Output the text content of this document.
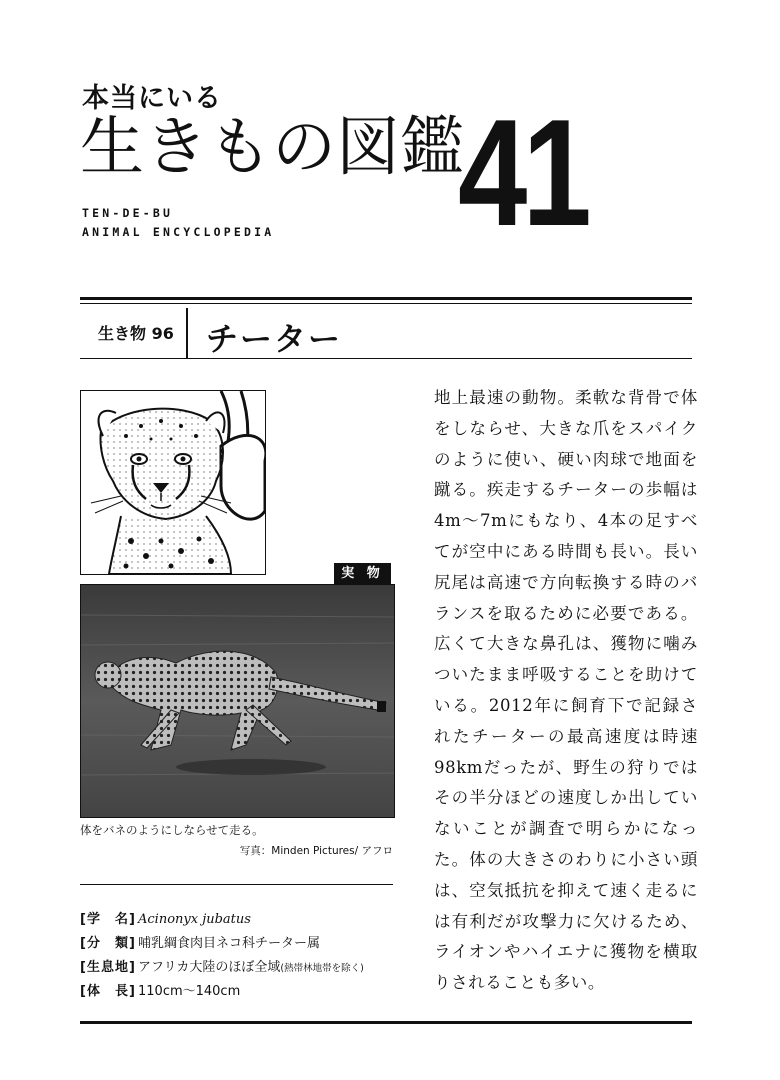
本当にいる
生きもの図鑑
41
TEN-DE-BU
ANIMAL ENCYCLOPEDIA
生き物 96 チーター
実 物
体をバネのようにしならせて走る。
写真：Minden Pictures/ アフロ
[学　名] Acinonyx jubatus
[分　類] 哺乳綱食肉目ネコ科チーター属
[生息地] アフリカ大陸のほぼ全域(熱帯林地帯を除く)
[体　長] 110cm〜140cm
地上最速の動物。柔軟な背骨で体をしならせ、大きな爪をスパイクのように使い、硬い肉球で地面を蹴る。疾走するチーターの歩幅は4m〜7mにもなり、4本の足すべてが空中にある時間も長い。長い尻尾は高速で方向転換する時のバランスを取るために必要である。広くて大きな鼻孔は、獲物に噛みついたまま呼吸することを助けている。2012年に飼育下で記録されたチーターの最高速度は時速98kmだったが、野生の狩りではその半分ほどの速度しか出していないことが調査で明らかになった。体の大きさのわりに小さい頭は、空気抵抗を抑えて速く走るには有利だが攻撃力に欠けるため、ライオンやハイエナに獲物を横取りされることも多い。
